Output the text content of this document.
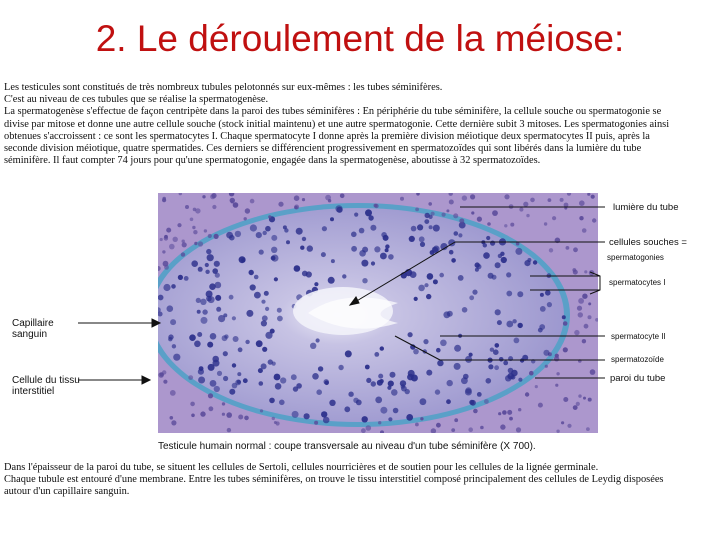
2. Le déroulement de la méiose:

Les testicules sont constitués de très nombreux tubules pelotonnés sur eux-mêmes : les tubes séminifères.

C'est au niveau de ces tubules que se réalise la spermatogenèse.

La spermatogenèse s'effectue de façon centripète dans la paroi des tubes séminifères : En périphérie du tube séminifère, la cellule souche ou spermatogonie se

divise par mitose et donne une autre cellule souche (stock initial maintenu) et une autre spermatogonie. Cette dernière subit 3 mitoses. Les spermatogonies ainsi

obtenues s'accroissent : ce sont les spermatocytes I. Chaque spermatocyte I donne après la première division méiotique deux spermatocytes II puis, après la

seconde division méiotique, quatre spermatides. Ces derniers se différencient progressivement en spermatozoïdes qui sont libérés dans la lumière du tube

séminifère. Il faut compter 74 jours pour qu'une spermatogonie, engagée dans la spermatogenèse, aboutisse à 32 spermatozoïdes.

lumière du tube
cellules souches =
spermatogonies
spermatocytes I
spermatocyte II
spermatozoïde
paroi du tube
Capillaire
sanguin
Cellule du tissu
interstitiel
Testicule humain normal : coupe transversale au niveau d'un tube séminifère (X 700).

Dans l'épaisseur de la paroi du tube, se situent les cellules de Sertoli, cellules nourricières et de soutien pour les cellules de la lignée germinale.

Chaque tubule est entouré d'une membrane. Entre les tubes séminifères, on trouve le tissu interstitiel composé principalement des cellules de Leydig disposées

autour d'un capillaire sanguin.
